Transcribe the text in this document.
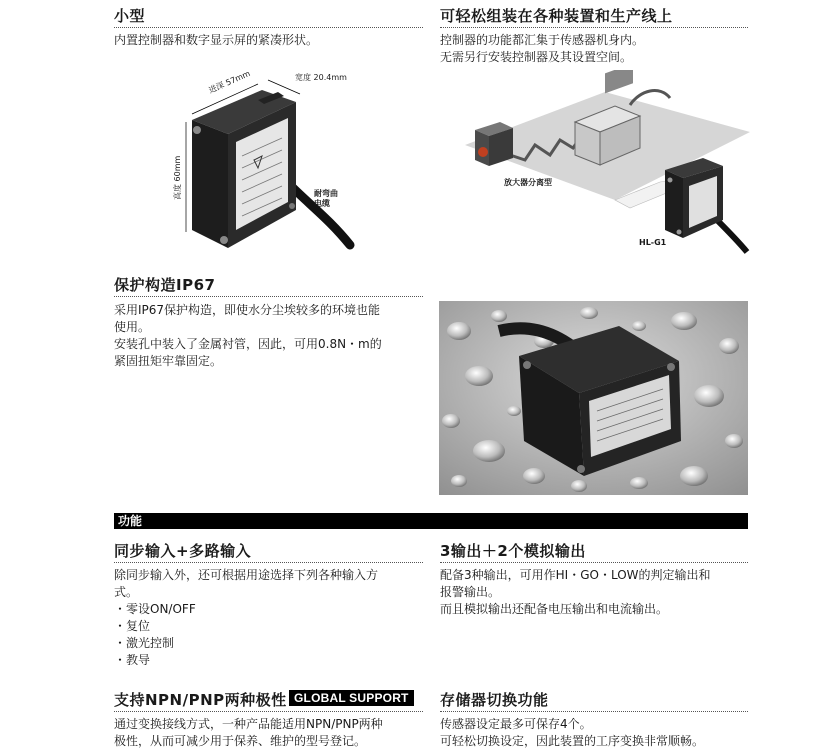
小型
内置控制器和数字显示屏的紧凑形状。
进深 57mm	宽度 20.4mm
高度 60mm	耐弯曲
电缆
可轻松组装在各种装置和生产线上
控制器的功能都汇集于传感器机身内。
无需另行安装控制器及其设置空间。
放大器分离型
HL-G1
保护构造IP67
采用IP67保护构造，即使水分尘埃较多的环境也能
使用。
安装孔中装入了金属衬管，因此，可用0.8N・m的
紧固扭矩牢靠固定。
功能
同步输入+多路输入
除同步输入外，还可根据用途选择下列各种输入方
式。
・零设ON/OFF
・复位
・激光控制
・教导
3输出＋2个模拟输出
配备3种输出，可用作HI・GO・LOW的判定输出和
报警输出。
而且模拟输出还配备电压输出和电流输出。
支持NPN/PNP两种极性 GLOBAL SUPPORT
通过变换接线方式，一种产品能适用NPN/PNP两种
极性，从而可减少用于保养、维护的型号登记。
存储器切换功能
传感器设定最多可保存4个。
可轻松切换设定，因此装置的工序变换非常顺畅。
